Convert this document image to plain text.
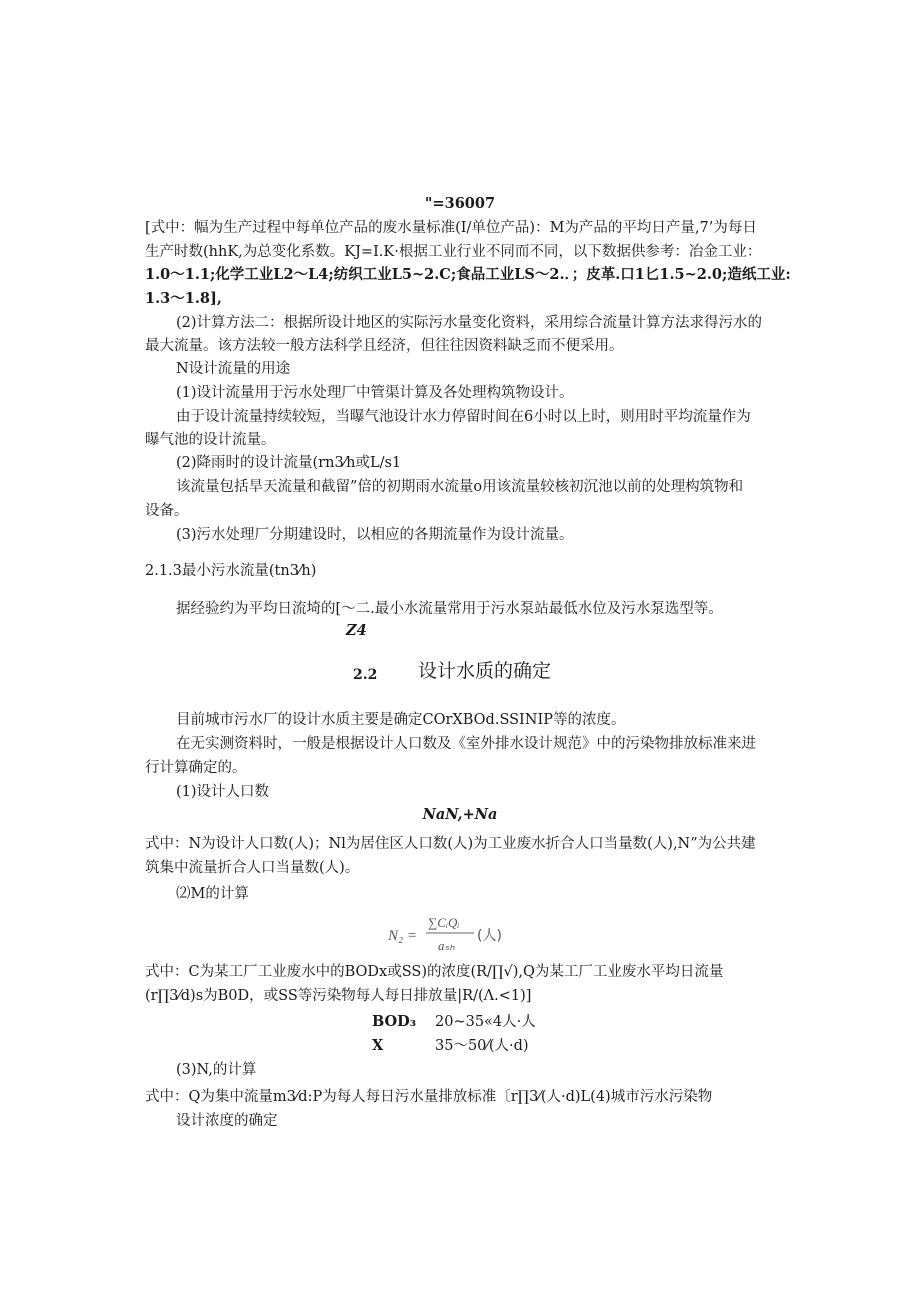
"=36007
[式中：幅为生产过程中每单位产品的废水量标准(I/单位产品)：M为产品的平均日产量,7’为每日
生产时数(hhK,为总变化系数。KJ=I.K·根据工业行业不同而不同，以下数据供参考：冶金工业：
1.0～1.1;化学工业L2～L4;纺织工业L5~2.C;食品工业LS～2.．；皮革.口1匕1.5~2.0;造纸工业:
1.3～1.8],
(2)计算方法二：根据所设计地区的实际污水量变化资料，采用综合流量计算方法求得污水的
最大流量。该方法较一般方法科学且经济，但往往因资料缺乏而不便采用。
N设计流量的用途
(1)设计流量用于污水处理厂中管渠计算及各处理构筑物设计。
由于设计流量持续较短，当曝气池设计水力停留时间在6小时以上时，则用时平均流量作为
曝气池的设计流量。
(2)降雨时的设计流量(rn3⁄h或L/s1
该流量包括旱天流量和截留”倍的初期雨水流量o用该流量较核初沉池以前的处理构筑物和
设备。
(3)污水处理厂分期建设时，以相应的各期流量作为设计流量。
2.1.3最小污水流量(tn3⁄h)
据经验约为平均日流埼的[～二.最小水流量常用于污水泵站最低水位及污水泵选型等。
Z4
2.2 设计水质的确定
目前城市污水厂的设计水质主要是确定COrXBOd.SSINIP等的浓度。
在无实测资料时，一般是根据设计人口数及《室外排水设计规范》中的污染物排放标准来进
行计算确定的。
(1)设计人口数
NaN,+Na
式中：N为设计人口数(人)；Nl为居住区人口数(人)为工业废水折合人口当量数(人),N”为公共建
筑集中流量折合人口当量数(人)。
⑵M的计算
N₂ =
∑CᵢQᵢ
aₛₕ
(人)
式中：C为某工厂工业废水中的BODx或SS)的浓度(R/∏√),Q为某工厂工业废水平均日流量
(r∏3⁄d)s为B0D，或SS等污染物每人每日排放量|R/(Λ.<1)]
BOD₃ 20~35«4人·人
X	35～50⁄(人·d)
(3)N,的计算
式中：Q为集中流量m3⁄d:P为每人每日污水量排放标准〔r∏3⁄(人·d)L(4)城市污水污染物
设计浓度的确定
